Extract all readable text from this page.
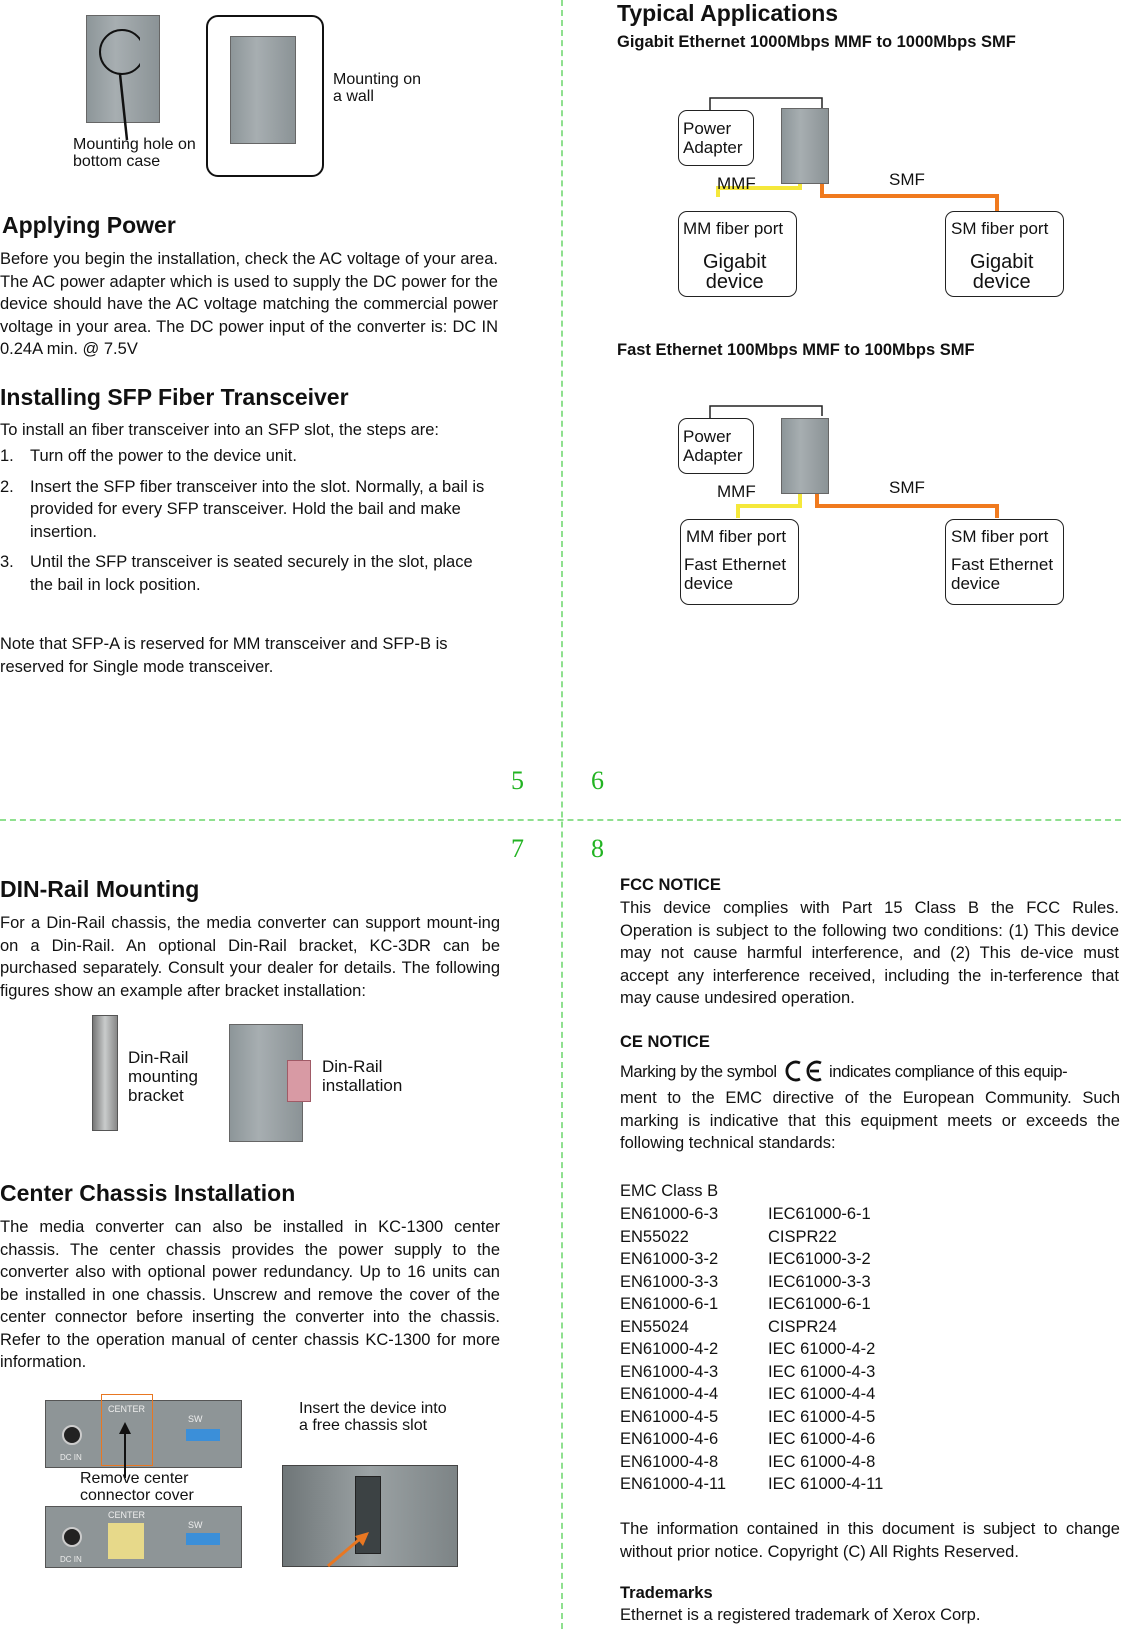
5	6
7	8
Mounting on
a wall
Mounting hole on
bottom case
Applying Power
Before you begin the installation, check the AC voltage of your area. The AC power adapter which is used to supply the DC power for the device should have the AC voltage matching the commercial power voltage in your area. The DC power input of the converter is: DC IN 0.24A min. @ 7.5V
Installing SFP Fiber Transceiver
To install an fiber transceiver into an SFP slot, the steps are:
1. Turn off the power to the device unit.
2. Insert the SFP fiber transceiver into the slot. Normally, a bail is provided for every SFP transceiver. Hold the bail and make insertion.
3. Until the SFP transceiver is seated securely in the slot, place the bail in lock position.
Note that SFP-A is reserved for MM transceiver and SFP-B is reserved for Single mode transceiver.
Typical Applications
Gigabit Ethernet 1000Mbps MMF to 1000Mbps SMF
Power
Adapter
MMF	SMF
MM fiber port
Gigabit
device
SM fiber port
Gigabit
device
Fast Ethernet 100Mbps MMF to 100Mbps SMF
Power
Adapter
MMF	SMF
MM fiber port
Fast Ethernet
device
SM fiber port
Fast Ethernet
device
DIN-Rail Mounting
For a Din-Rail chassis, the media converter can support mount-ing on a Din-Rail. An optional Din-Rail bracket, KC-3DR can be purchased separately. Consult your dealer for details. The following figures show an example after bracket installation:
Din-Rail
mounting
bracket
Din-Rail
installation
Center Chassis Installation
The media converter can also be installed in KC-1300 center chassis. The center chassis provides the power supply to the converter also with optional power redundancy. Up to 16 units can be installed in one chassis. Unscrew and remove the cover of the center connector before inserting the converter into the chassis. Refer to the operation manual of center chassis KC-1300 for more information.
CENTER
SW
DC IN
Remove center
connector cover
CENTER
SW
DC IN
Insert the device into
a free chassis slot
FCC NOTICE
This device complies with Part 15 Class B the FCC Rules. Operation is subject to the following two conditions: (1) This device may not cause harmful interference, and (2) This de-vice must accept any interference received, including the in-terference that may cause undesired operation.
CE NOTICE
Marking by the symbol	indicates compliance of this equip-
ment to the EMC directive of the European Community. Such marking is indicative that this equipment meets or exceeds the following technical standards:
EMC Class B
EN61000-6-3	IEC61000-6-1
EN55022	CISPR22
EN61000-3-2	IEC61000-3-2
EN61000-3-3	IEC61000-3-3
EN61000-6-1	IEC61000-6-1
EN55024	CISPR24
EN61000-4-2	IEC 61000-4-2
EN61000-4-3	IEC 61000-4-3
EN61000-4-4	IEC 61000-4-4
EN61000-4-5	IEC 61000-4-5
EN61000-4-6	IEC 61000-4-6
EN61000-4-8	IEC 61000-4-8
EN61000-4-11	IEC 61000-4-11
The information contained in this document is subject to change without prior notice. Copyright (C) All Rights Reserved.
Trademarks
Ethernet is a registered trademark of Xerox Corp.
